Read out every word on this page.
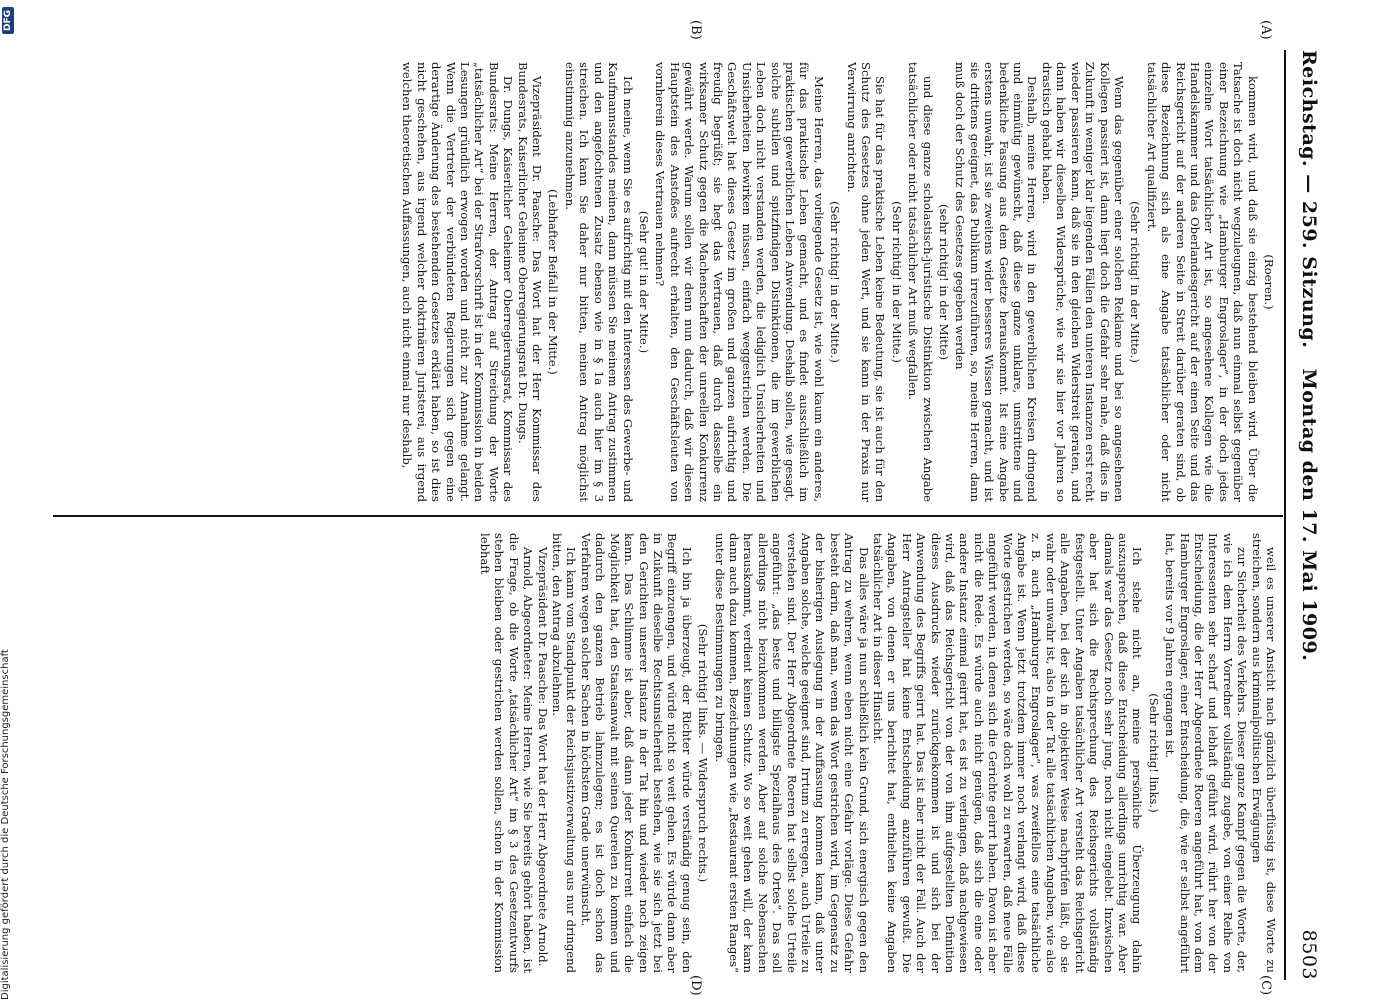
Reichstag. — 259. Sitzung.
Montag den 17. Mai 1909.
8503
(A)
(B)
(C)
(D)

(Roeren.)

kommen wird, und daß sie einzig bestehend bleiben wird. Über die Tatsache ist doch nicht wegzuleugnen, daß nun einmal selbst gegenüber einer Bezeichnung wie „Hamburger Engroslager“, in der doch jedes einzelne Wort tatsächlicher Art ist, so angesehene Kollegen wie die Handelskammer und das Oberlandesgericht auf der einen Seite und das Reichsgericht auf der anderen Seite in Streit darüber geraten sind, ob diese Bezeichnung sich als eine Angabe tatsächlicher oder nicht tatsächlicher Art qualifiziert.

(Sehr richtig! in der Mitte.)

Wenn das gegenüber einer solchen Reklame und bei so angesehenen Kollegen passiert ist, dann liegt doch die Gefahr sehr nahe, daß dies in Zukunft in weniger klar liegenden Fällen den unteren Instanzen erst recht wieder passieren kann, daß sie in den gleichen Widerstreit geraten, und dann haben wir dieselben Widersprüche, wie wir sie hier vor Jahren so drastisch gehabt haben.

Deshalb, meine Herren, wird in den gewerblichen Kreisen dringend und einmütig gewünscht, daß diese ganze unklare, umstrittene und bedenkliche Fassung aus dem Gesetze herauskommt. Ist eine Angabe erstens unwahr, ist sie zweitens wider besseres Wissen gemacht, und ist sie drittens geeignet, das Publikum irrezuführen, so, meine Herren, dann muß doch der Schutz des Gesetzes gegeben werden

(sehr richtig! in der Mitte)

und diese ganze scholastisch-juristische Distinktion zwischen Angabe tatsächlicher oder nicht tatsächlicher Art muß wegfallen.

(Sehr richtig! in der Mitte.)

Sie hat für das praktische Leben keine Bedeutung, sie ist auch für den Schutz des Gesetzes ohne jeden Wert, und sie kann in der Praxis nur Verwirrung anrichten.

(Sehr richtig! in der Mitte.)

Meine Herren, das vorliegende Gesetz ist, wie wohl kaum ein anderes, für das praktische Leben gemacht, und es findet ausschließlich im praktischen gewerblichen Leben Anwendung. Deshalb sollen, wie gesagt, solche subtilen und spitzfindigen Distinktionen, die im gewerblichen Leben doch nicht verstanden werden, die lediglich Unsicherheiten und Unsicherheiten bewirken müssen, einfach weggestrichen werden. Die Geschäftswelt hat dieses Gesetz im großen und ganzen aufrichtig und freudig begrüßt; sie hegt das Vertrauen, daß durch dasselbe ein wirksamer Schutz gegen die Machenschaften der unreellen Konkurrenz gewährt werde. Warum sollen wir denn nun dadurch, daß wir diesen Hauptstein des Anstoßes aufrecht erhalten, den Geschäftsleuten von vornherein dieses Vertrauen nehmen?

(Sehr gut! in der Mitte.)

Ich meine, wenn Sie es aufrichtig mit den Interessen des Gewerbe- und Kaufmannsstandes meinen, dann müssen Sie meinem Antrag zustimmen und den angefochtenen Zusatz ebenso wie in § 1a auch hier im § 3 streichen. Ich kann Sie daher nur bitten, meinen Antrag möglichst einstimmig anzunehmen.

(Lebhafter Beifall in der Mitte.)

Vizepräsident Dr. Paasche: Das Wort hat der Herr Kommissar des Bundesrats, Kaiserlicher Geheime Oberregierungsrat Dr. Dungs.

Dr. Dungs, Kaiserlicher Geheimer Oberregierungsrat, Kommissar des Bundesrats: Meine Herren, der Antrag auf Streichung der Worte „tatsächlicher Art“ bei der Strafvorschrift ist in der Kommission in beiden Lesungen gründlich erwogen worden und nicht zur Annahme gelangt. Wenn die Vertreter der verbündeten Regierungen sich gegen eine derartige Änderung des bestehenden Gesetzes erklärt haben, so ist dies nicht geschehen, aus irgend welcher doktrinären Juristerei, aus irgend welchen theoretischen Auffassungen, auch nicht einmal nur deshalb,

weil es unserer Ansicht nach gänzlich überflüssig ist, diese Worte zu streichen, sondern aus kriminalpolitischen Erwägungen

zur Sicherheit des Verkehrs. Dieser ganze Kampf gegen die Worte, der, wie ich dem Herrn Vorredner vollständig zugebe, von einer Reihe von Interessenten sehr scharf und lebhaft geführt wird, rührt her von der Entscheidung, die der Herr Abgeordnete Roeren angeführt hat, von dem Hamburger Engroslager, einer Entscheidung, die, wie er selbst angeführt hat, bereits vor 9 Jahren ergangen ist.

(Sehr richtig! links.)

Ich stehe nicht an, meine persönliche Überzeugung dahin auszusprechen, daß diese Entscheidung allerdings unrichtig war. Aber damals war das Gesetz noch sehr jung, noch nicht eingelebt. Inzwischen aber hat sich die Rechtsprechung des Reichsgerichts vollständig festgestellt. Unter Angaben tatsächlicher Art versteht das Reichsgericht alle Angaben, bei der sich in objektiver Weise nachprüfen läßt, ob sie wahr oder unwahr ist, also in der Tat alle tatsächlichen Angaben, wie also z. B. auch „Hamburger Engroslager“, was zweifellos eine tatsächliche Angabe ist. Wenn jetzt trotzdem immer noch verlangt wird, daß diese Worte gestrichen werden, so wäre doch wohl zu erwarten, daß neue Fälle angeführt werden, in denen sich die Gerichte geirrt haben. Davon ist aber nicht die Rede. Es würde auch nicht genügen, daß sich die eine oder andere Instanz einmal geirrt hat, es ist zu verlangen, daß nachgewiesen wird, daß das Reichsgericht von der von ihm aufgestellten Definition dieses Ausdrucks wieder zurückgekommen ist und sich bei der Anwendung des Begriffs geirrt hat. Das ist aber nicht der Fall. Auch der Herr Antragsteller hat keine Entscheidung anzuführen gewußt. Die Angaben, von denen er uns berichtet hat, enthielten keine Angaben tatsächlicher Art in dieser Hinsicht.

Das alles wäre ja nun schließlich kein Grund, sich energisch gegen den Antrag zu wehren, wenn eben nicht eine Gefahr vorläge. Diese Gefahr besteht darin, daß man, wenn das Wort gestrichen wird, im Gegensatz zu der bisherigen Auslegung in der Auffassung kommen kann, daß unter Angaben solche, welche geeignet sind, Irrtum zu erregen, auch Urteile zu verstehen sind. Der Herr Abgeordnete Roeren hat selbst solche Urteile angeführt: „das beste und billigste Spezialhaus des Ortes“. Das soll allerdings nicht beizukommen werden. Aber auf solche Nebensachen herauskommt, verdient keinen Schutz. Wo so weit gehen will, der kann dann auch dazu kommen, Bezeichnungen wie „Restaurant ersten Ranges“ unter diese Bestimmungen zu bringen.

(Sehr richtig! links. — Widerspruch rechts.)

Ich bin ja überzeugt, der Richter würde verständig genug sein, den Begriff einzuengen, und würde nicht so weit gehen. Es würde dann aber in Zukunft dieselbe Rechtsunsicherheit bestehen, wie sie sich jetzt bei den Gerichten unserer Instanz in der Tat hin und wieder noch zeigen kann. Das Schlimme ist aber, daß dann jeder Konkurrent einfach die Möglichkeit hat, den Staatsanwalt mit seinen Querelen zu kommen und dadurch den ganzen Betrieb lahmzulegen; es ist doch schon das Verfahren wegen solcher Sachen in höchstem Grade unerwünscht.

Ich kann vom Standpunkt der Reichsjustizverwaltung aus nur dringend bitten, den Antrag abzulehnen.

Vizepräsident Dr. Paasche: Das Wort hat der Herr Abgeordnete Arnold.

Arnold, Abgeordneter: Meine Herren, wie Sie bereits gehört haben, ist die Frage, ob die Worte „tatsächlicher Art“ im § 3 des Gesetzentwurfs stehen bleiben oder gestrichen werden sollen, schon in der Kommission lebhaft

Digitalisierung gefördert durch die Deutsche Forschungsgemeinschaft
DFG
